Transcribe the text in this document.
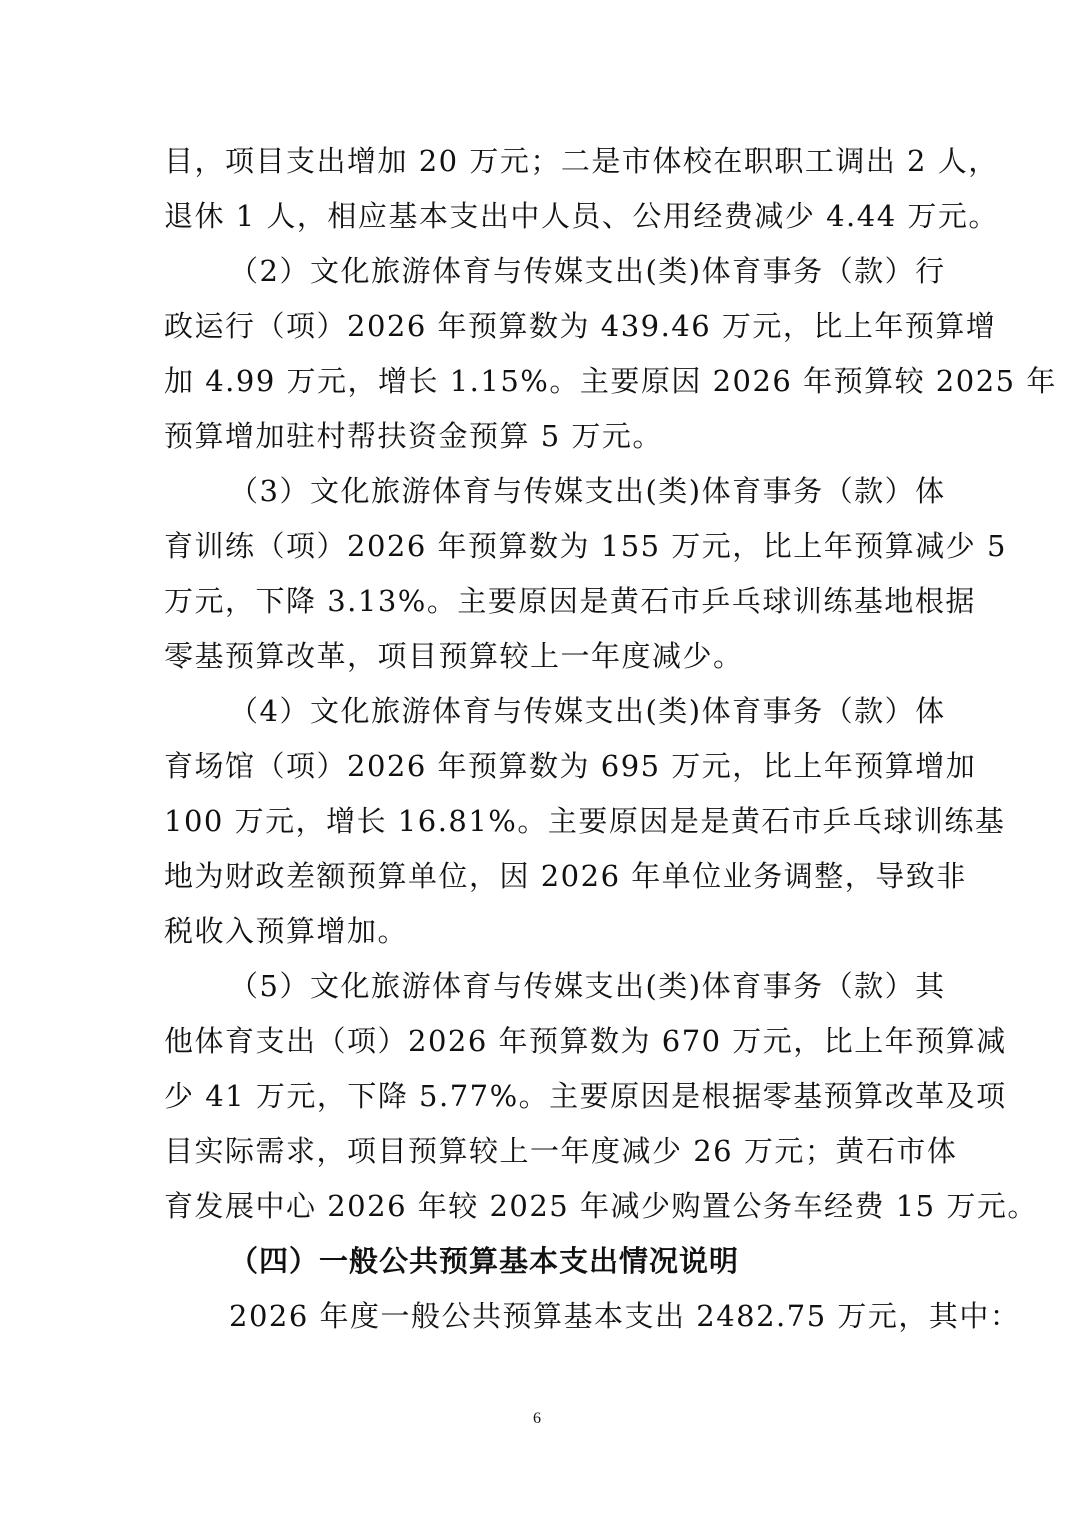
目，项目支出增加 20 万元；二是市体校在职职工调出 2 人，
退休 1 人，相应基本支出中人员、公用经费减少 4.44 万元。
（2）文化旅游体育与传媒支出(类)体育事务（款）行
政运行（项）2026 年预算数为 439.46 万元，比上年预算增
加 4.99 万元，增长 1.15%。主要原因 2026 年预算较 2025 年
预算增加驻村帮扶资金预算 5 万元。
（3）文化旅游体育与传媒支出(类)体育事务（款）体
育训练（项）2026 年预算数为 155 万元，比上年预算减少 5
万元，下降 3.13%。主要原因是黄石市乒乓球训练基地根据
零基预算改革，项目预算较上一年度减少。
（4）文化旅游体育与传媒支出(类)体育事务（款）体
育场馆（项）2026 年预算数为 695 万元，比上年预算增加
100 万元，增长 16.81%。主要原因是是黄石市乒乓球训练基
地为财政差额预算单位，因 2026 年单位业务调整，导致非
税收入预算增加。
（5）文化旅游体育与传媒支出(类)体育事务（款）其
他体育支出（项）2026 年预算数为 670 万元，比上年预算减
少 41 万元，下降 5.77%。主要原因是根据零基预算改革及项
目实际需求，项目预算较上一年度减少 26 万元；黄石市体
育发展中心 2026 年较 2025 年减少购置公务车经费 15 万元。
（四）一般公共预算基本支出情况说明
2026 年度一般公共预算基本支出 2482.75 万元，其中：
6
